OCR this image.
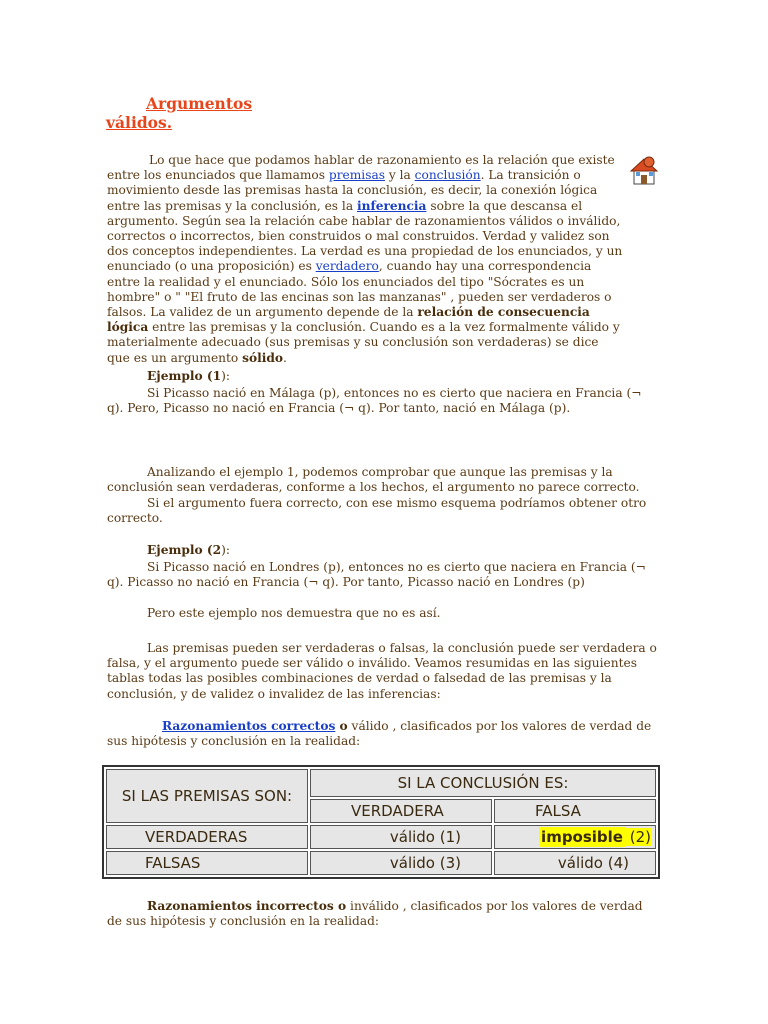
Argumentos
válidos.
Lo que hace que podamos hablar de razonamiento es la relación que existe entre los enunciados que llamamos premisas y la conclusión. La transición o movimiento desde las premisas hasta la conclusión, es decir, la conexión lógica entre las premisas y la conclusión, es la inferencia sobre la que descansa el argumento. Según sea la relación cabe hablar de razonamientos válidos o inválido, correctos o incorrectos, bien construidos o mal construidos. Verdad y validez son dos conceptos independientes. La verdad es una propiedad de los enunciados, y un enunciado (o una proposición) es verdadero, cuando hay una correspondencia entre la realidad y el enunciado. Sólo los enunciados del tipo "Sócrates es un hombre" o " "El fruto de las encinas son las manzanas" , pueden ser verdaderos o falsos. La validez de un argumento depende de la relación de consecuencia lógica entre las premisas y la conclusión. Cuando es a la vez formalmente válido y materialmente adecuado (sus premisas y su conclusión son verdaderas) se dice que es un argumento sólido.
Ejemplo (1):
Si Picasso nació en Málaga (p), entonces no es cierto que naciera en Francia (¬ q). Pero, Picasso no nació en Francia (¬ q). Por tanto, nació en Málaga (p).
Analizando el ejemplo 1, podemos comprobar que aunque las premisas y la conclusión sean verdaderas, conforme a los hechos, el argumento no parece correcto.
Si el argumento fuera correcto, con ese mismo esquema podríamos obtener otro correcto.
Ejemplo (2):
Si Picasso nació en Londres (p), entonces no es cierto que naciera en Francia (¬ q). Picasso no nació en Francia (¬ q). Por tanto, Picasso nació en Londres (p)
Pero este ejemplo nos demuestra que no es así.
Las premisas pueden ser verdaderas o falsas, la conclusión puede ser verdadera o falsa, y el argumento puede ser válido o inválido. Veamos resumidas en las siguientes tablas todas las posibles combinaciones de verdad o falsedad de las premisas y la conclusión, y de validez o invalidez de las inferencias:
Razonamientos correctos o válido , clasificados por los valores de verdad de sus hipótesis y conclusión en la realidad:
SI LAS PREMISAS SON:	SI LA CONCLUSIÓN ES:	
	VERDADERA	FALSA
VERDADERAS	válido (1)	imposible (2)
FALSAS	válido (3)	válido (4)
Razonamientos incorrectos o inválido , clasificados por los valores de verdad de sus hipótesis y conclusión en la realidad:
